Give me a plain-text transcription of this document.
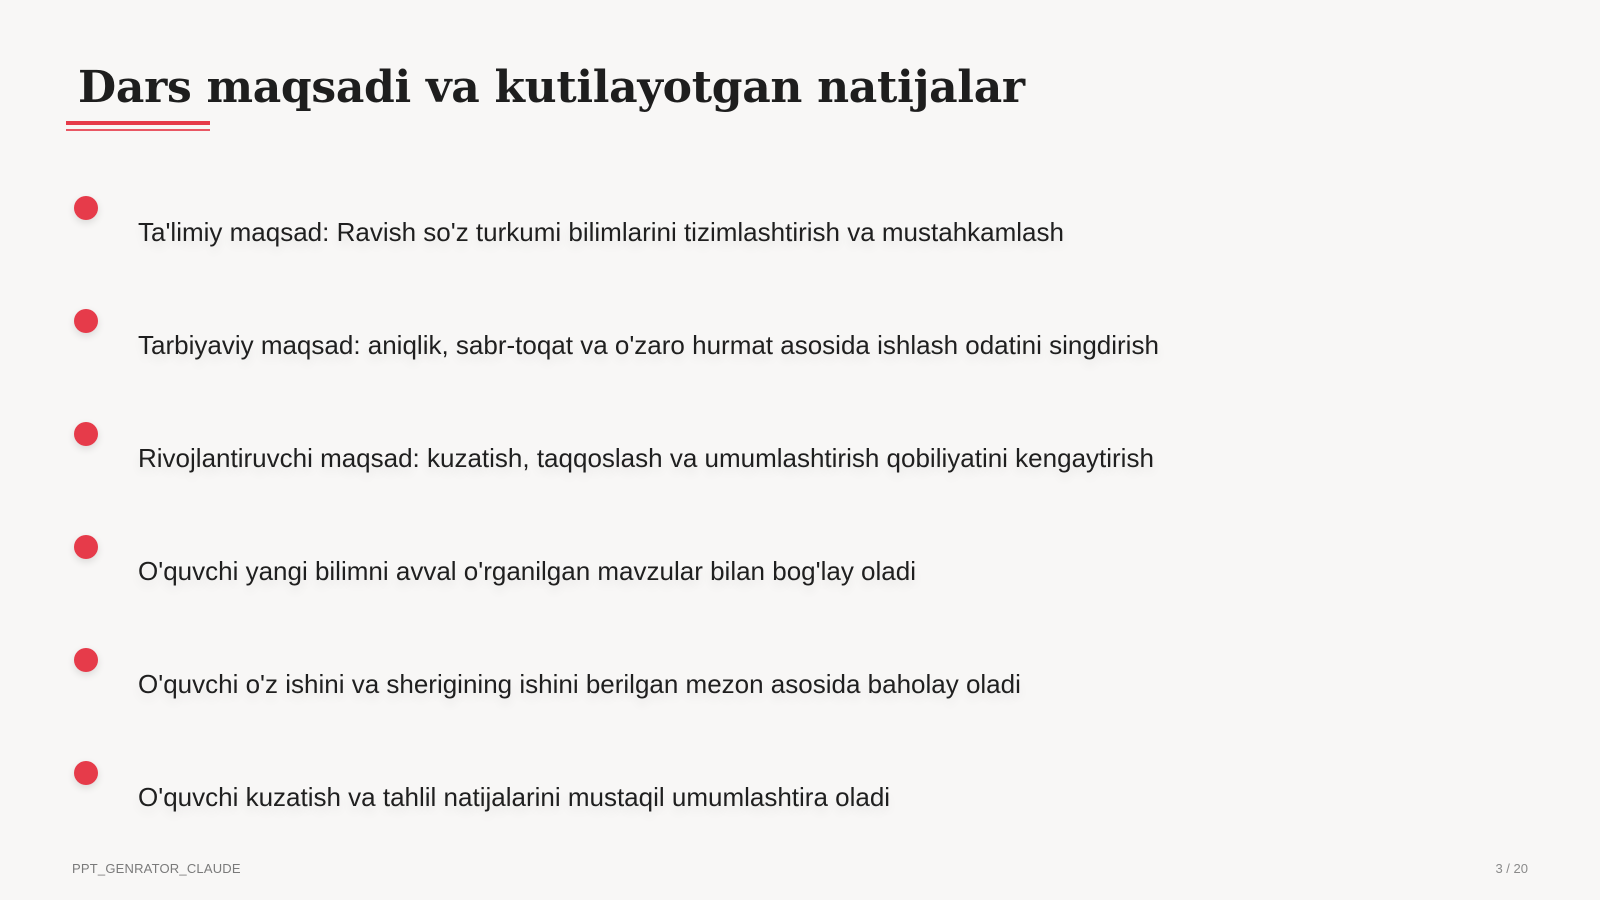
Dars maqsadi va kutilayotgan natijalar
Ta'limiy maqsad: Ravish so'z turkumi bilimlarini tizimlashtirish va mustahkamlash
Tarbiyaviy maqsad: aniqlik, sabr-toqat va o'zaro hurmat asosida ishlash odatini singdirish
Rivojlantiruvchi maqsad: kuzatish, taqqoslash va umumlashtirish qobiliyatini kengaytirish
O'quvchi yangi bilimni avval o'rganilgan mavzular bilan bog'lay oladi
O'quvchi o'z ishini va sherigining ishini berilgan mezon asosida baholay oladi
O'quvchi kuzatish va tahlil natijalarini mustaqil umumlashtira oladi
PPT_GENRATOR_CLAUDE	3 / 20
